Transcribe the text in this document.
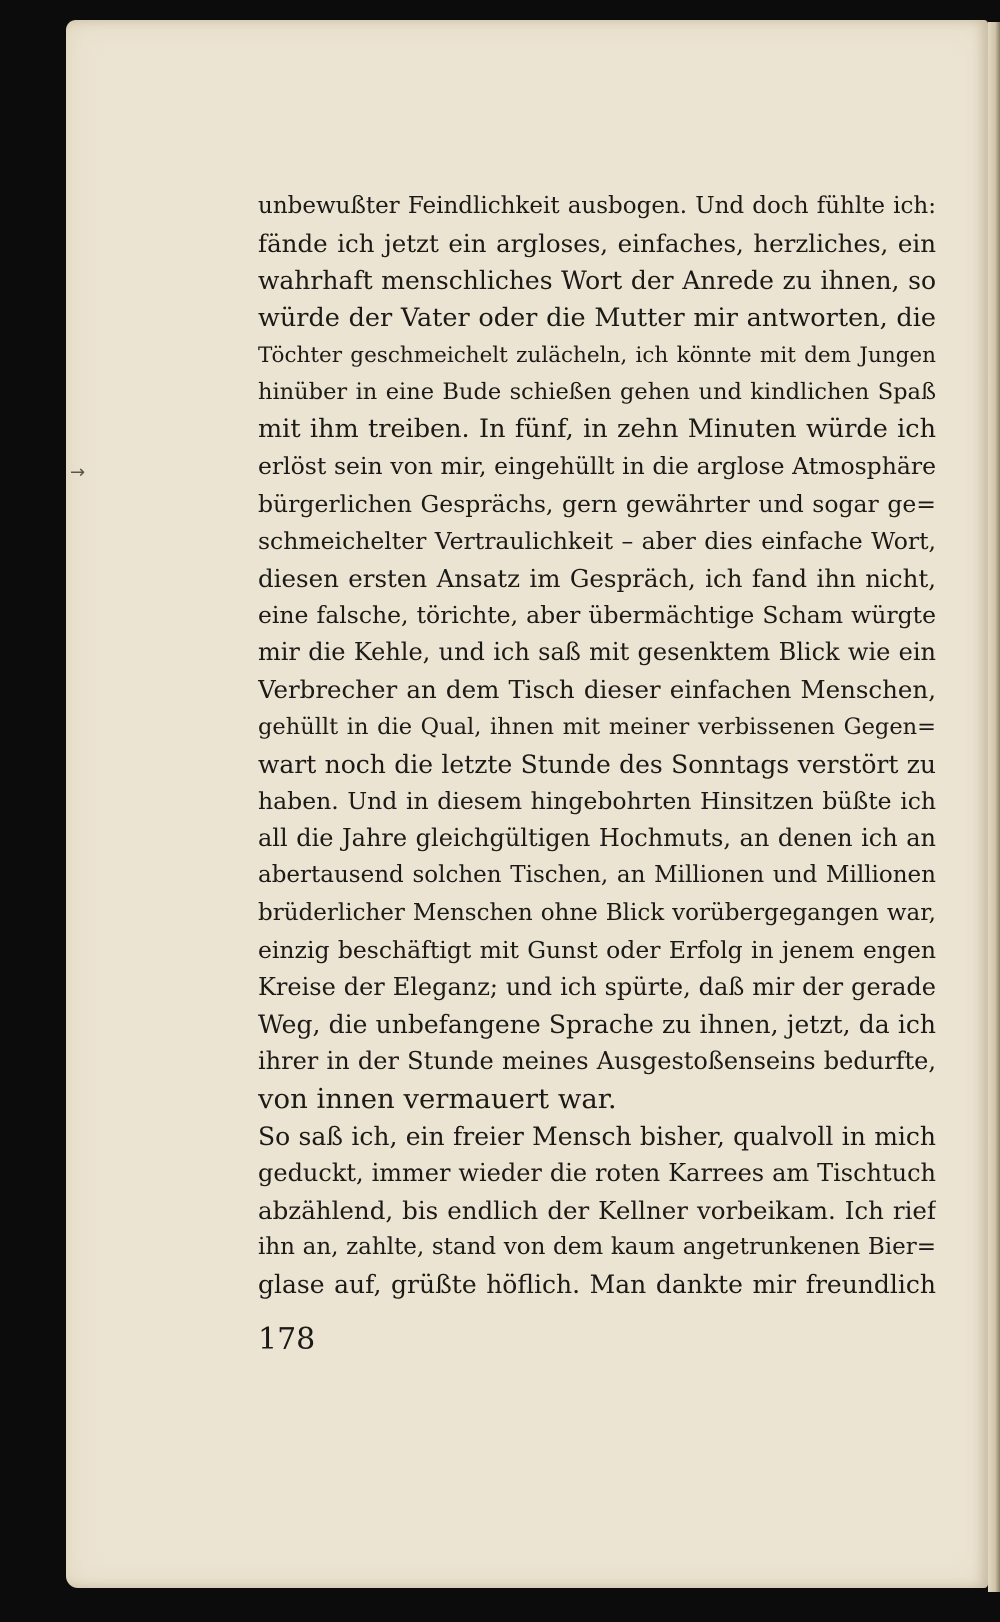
→
unbewußter Feindlichkeit ausbogen. Und doch fühlte ich:
fände ich jetzt ein argloses, einfaches, herzliches, ein
wahrhaft menschliches Wort der Anrede zu ihnen, so
würde der Vater oder die Mutter mir antworten, die
Töchter geschmeichelt zulächeln, ich könnte mit dem Jungen
hinüber in eine Bude schießen gehen und kindlichen Spaß
mit ihm treiben. In fünf, in zehn Minuten würde ich
erlöst sein von mir, eingehüllt in die arglose Atmosphäre
bürgerlichen Gesprächs, gern gewährter und sogar ge=
schmeichelter Vertraulichkeit – aber dies einfache Wort,
diesen ersten Ansatz im Gespräch, ich fand ihn nicht,
eine falsche, törichte, aber übermächtige Scham würgte
mir die Kehle, und ich saß mit gesenktem Blick wie ein
Verbrecher an dem Tisch dieser einfachen Menschen,
gehüllt in die Qual, ihnen mit meiner verbissenen Gegen=
wart noch die letzte Stunde des Sonntags verstört zu
haben. Und in diesem hingebohrten Hinsitzen büßte ich
all die Jahre gleichgültigen Hochmuts, an denen ich an
abertausend solchen Tischen, an Millionen und Millionen
brüderlicher Menschen ohne Blick vorübergegangen war,
einzig beschäftigt mit Gunst oder Erfolg in jenem engen
Kreise der Eleganz; und ich spürte, daß mir der gerade
Weg, die unbefangene Sprache zu ihnen, jetzt, da ich
ihrer in der Stunde meines Ausgestoßenseins bedurfte,
von innen vermauert war.
So saß ich, ein freier Mensch bisher, qualvoll in mich
geduckt, immer wieder die roten Karrees am Tischtuch
abzählend, bis endlich der Kellner vorbeikam. Ich rief
ihn an, zahlte, stand von dem kaum angetrunkenen Bier=
glase auf, grüßte höflich. Man dankte mir freundlich
178
